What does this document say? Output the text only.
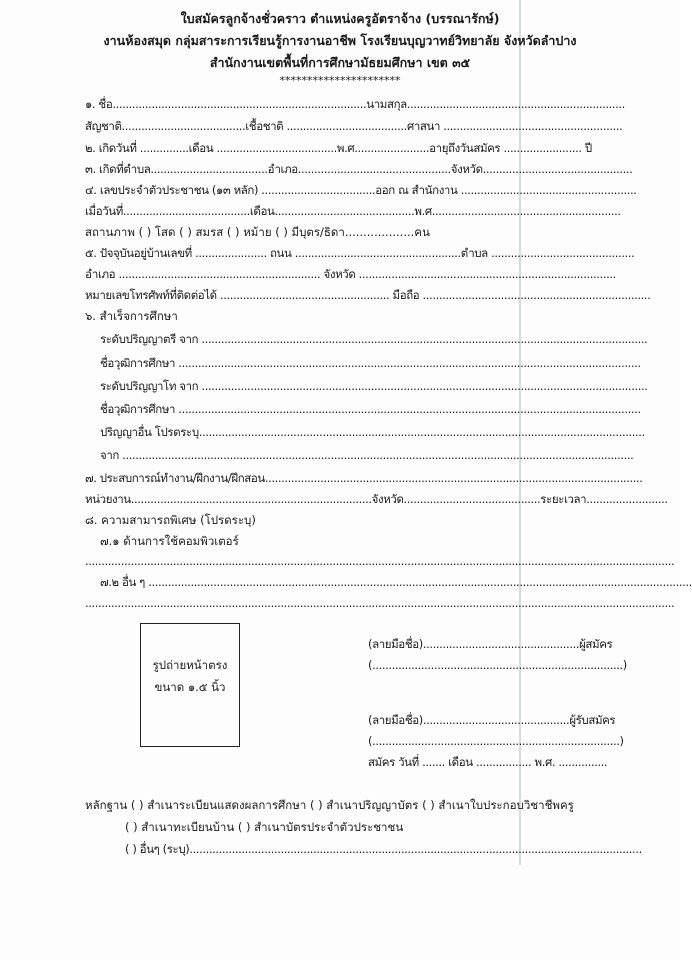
ใบสมัครลูกจ้างชั่วคราว ตำแหน่งครูอัตราจ้าง (บรรณารักษ์)
งานห้องสมุด กลุ่มสาระการเรียนรู้การงานอาชีพ โรงเรียนบุญวาทย์วิทยาลัย จังหวัดลำปาง
สำนักงานเขตพื้นที่การศึกษามัธยมศึกษา เขต ๓๕
**********************
๑. ชื่อ..............................................................................นามสกุล...................................................................
สัญชาติ......................................เชื้อชาติ .....................................ศาสนา .......................................................
๒. เกิดวันที่ ...............เดือน .....................................พ.ศ.......................อายุถึงวันสมัคร ........................ ปี
๓. เกิดที่ตำบล....................................อำเภอ...............................................จังหวัด..............................................
๔. เลขประจำตัวประชาชน (๑๓ หลัก) ...................................ออก ณ สำนักงาน ......................................................
เมื่อวันที่.......................................เดือน...........................................พ.ศ..........................................................
สถานภาพ ( ) โสด ( ) สมรส ( ) หม้าย ( ) มีบุตร/ธิดา...................คน
๕. ปัจจุบันอยู่บ้านเลขที่ ...................... ถนน ...................................................ตำบล ............................................
อำเภอ .............................................................. จังหวัด ...............................................................................
หมายเลขโทรศัพท์ที่ติดต่อได้ .................................................... มือถือ ......................................................................
๖. สำเร็จการศึกษา
ระดับปริญญาตรี จาก .........................................................................................................................................
ชื่อวุฒิการศึกษา ..............................................................................................................................................
ระดับปริญญาโท จาก .........................................................................................................................................
ชื่อวุฒิการศึกษา ..............................................................................................................................................
ปริญญาอื่น โปรดระบุ.........................................................................................................................................
จาก .............................................................................................................................................................
๗. ประสบการณ์ทำงาน/ฝึกงาน/ฝึกสอน....................................................................................................................
หน่วยงาน..........................................................................จังหวัด..........................................ระยะเวลา.........................
๘. ความสามารถพิเศษ (โปรดระบุ)
๗.๑ ด้านการใช้คอมพิวเตอร์
.....................................................................................................................................................................................
๗.๒ อื่น ๆ .......................................................................................................................................................................
.....................................................................................................................................................................................
รูปถ่ายหน้าตรง
ขนาด ๑.๕ นิ้ว
(ลายมือชื่อ)................................................ผู้สมัคร
(.............................................................................)
(ลายมือชื่อ).............................................ผู้รับสมัคร
(............................................................................)
สมัคร วันที่ ....... เดือน ................. พ.ศ. ...............
หลักฐาน ( ) สำเนาระเบียนแสดงผลการศึกษา ( ) สำเนาปริญญาบัตร ( ) สำเนาใบประกอบวิชาชีพครู
( ) สำเนาทะเบียนบ้าน ( ) สำเนาบัตรประจำตัวประชาชน
( ) อื่นๆ (ระบุ)...........................................................................................................................................
